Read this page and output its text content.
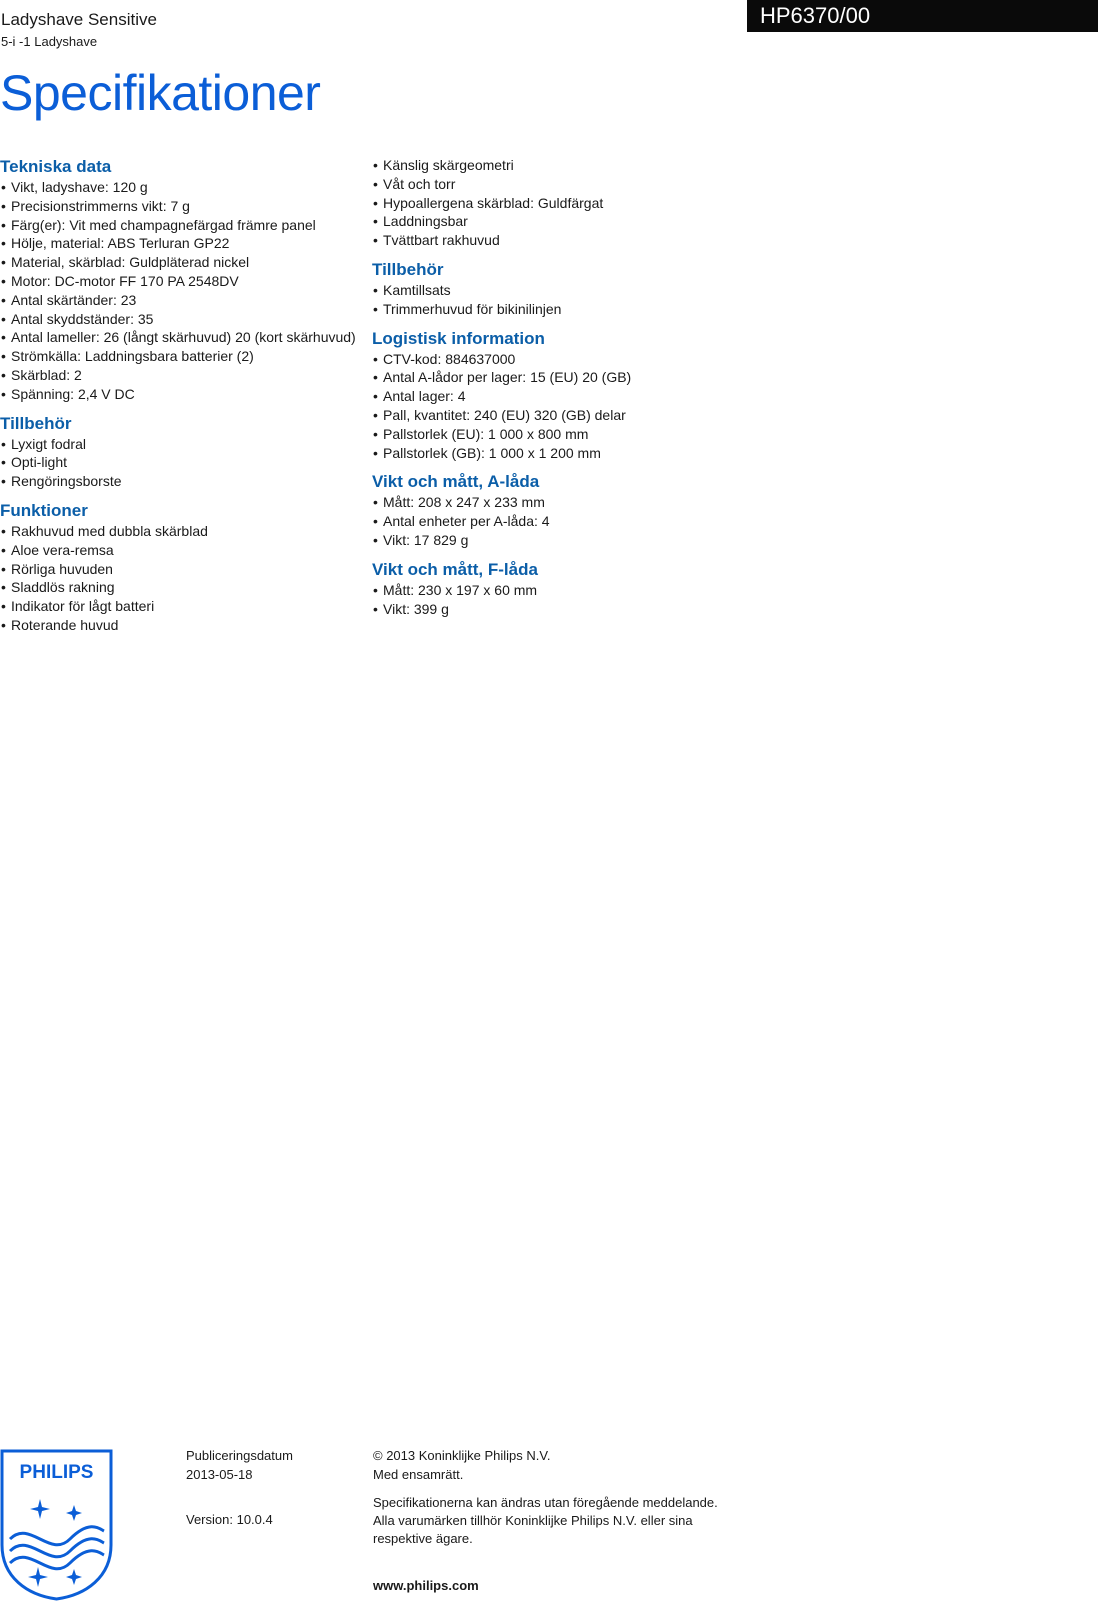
Ladyshave Sensitive
5-i -1 Ladyshave
HP6370/00
Specifikationer
Tekniska data
• Vikt, ladyshave: 120 g
• Precisionstrimmerns vikt: 7 g
• Färg(er): Vit med champagnefärgad främre panel
• Hölje, material: ABS Terluran GP22
• Material, skärblad: Guldpläterad nickel
• Motor: DC-motor FF 170 PA 2548DV
• Antal skärtänder: 23
• Antal skyddständer: 35
• Antal lameller: 26 (långt skärhuvud) 20 (kort skärhuvud)
• Strömkälla: Laddningsbara batterier (2)
• Skärblad: 2
• Spänning: 2,4 V DC
Tillbehör
• Lyxigt fodral
• Opti-light
• Rengöringsborste
Funktioner
• Rakhuvud med dubbla skärblad
• Aloe vera-remsa
• Rörliga huvuden
• Sladdlös rakning
• Indikator för lågt batteri
• Roterande huvud
• Känslig skärgeometri
• Våt och torr
• Hypoallergena skärblad: Guldfärgat
• Laddningsbar
• Tvättbart rakhuvud
Tillbehör
• Kamtillsats
• Trimmerhuvud för bikinilinjen
Logistisk information
• CTV-kod: 884637000
• Antal A-lådor per lager: 15 (EU) 20 (GB)
• Antal lager: 4
• Pall, kvantitet: 240 (EU) 320 (GB) delar
• Pallstorlek (EU): 1 000 x 800 mm
• Pallstorlek (GB): 1 000 x 1 200 mm
Vikt och mått, A-låda
• Mått: 208 x 247 x 233 mm
• Antal enheter per A-låda: 4
• Vikt: 17 829 g
Vikt och mått, F-låda
• Mått: 230 x 197 x 60 mm
• Vikt: 399 g
PHILIPS
Publiceringsdatum
2013-05-18
Version: 10.0.4
© 2013 Koninklijke Philips N.V.
Med ensamrätt.
Specifikationerna kan ändras utan föregående meddelande. Alla varumärken tillhör Koninklijke Philips N.V. eller sina respektive ägare.
www.philips.com
